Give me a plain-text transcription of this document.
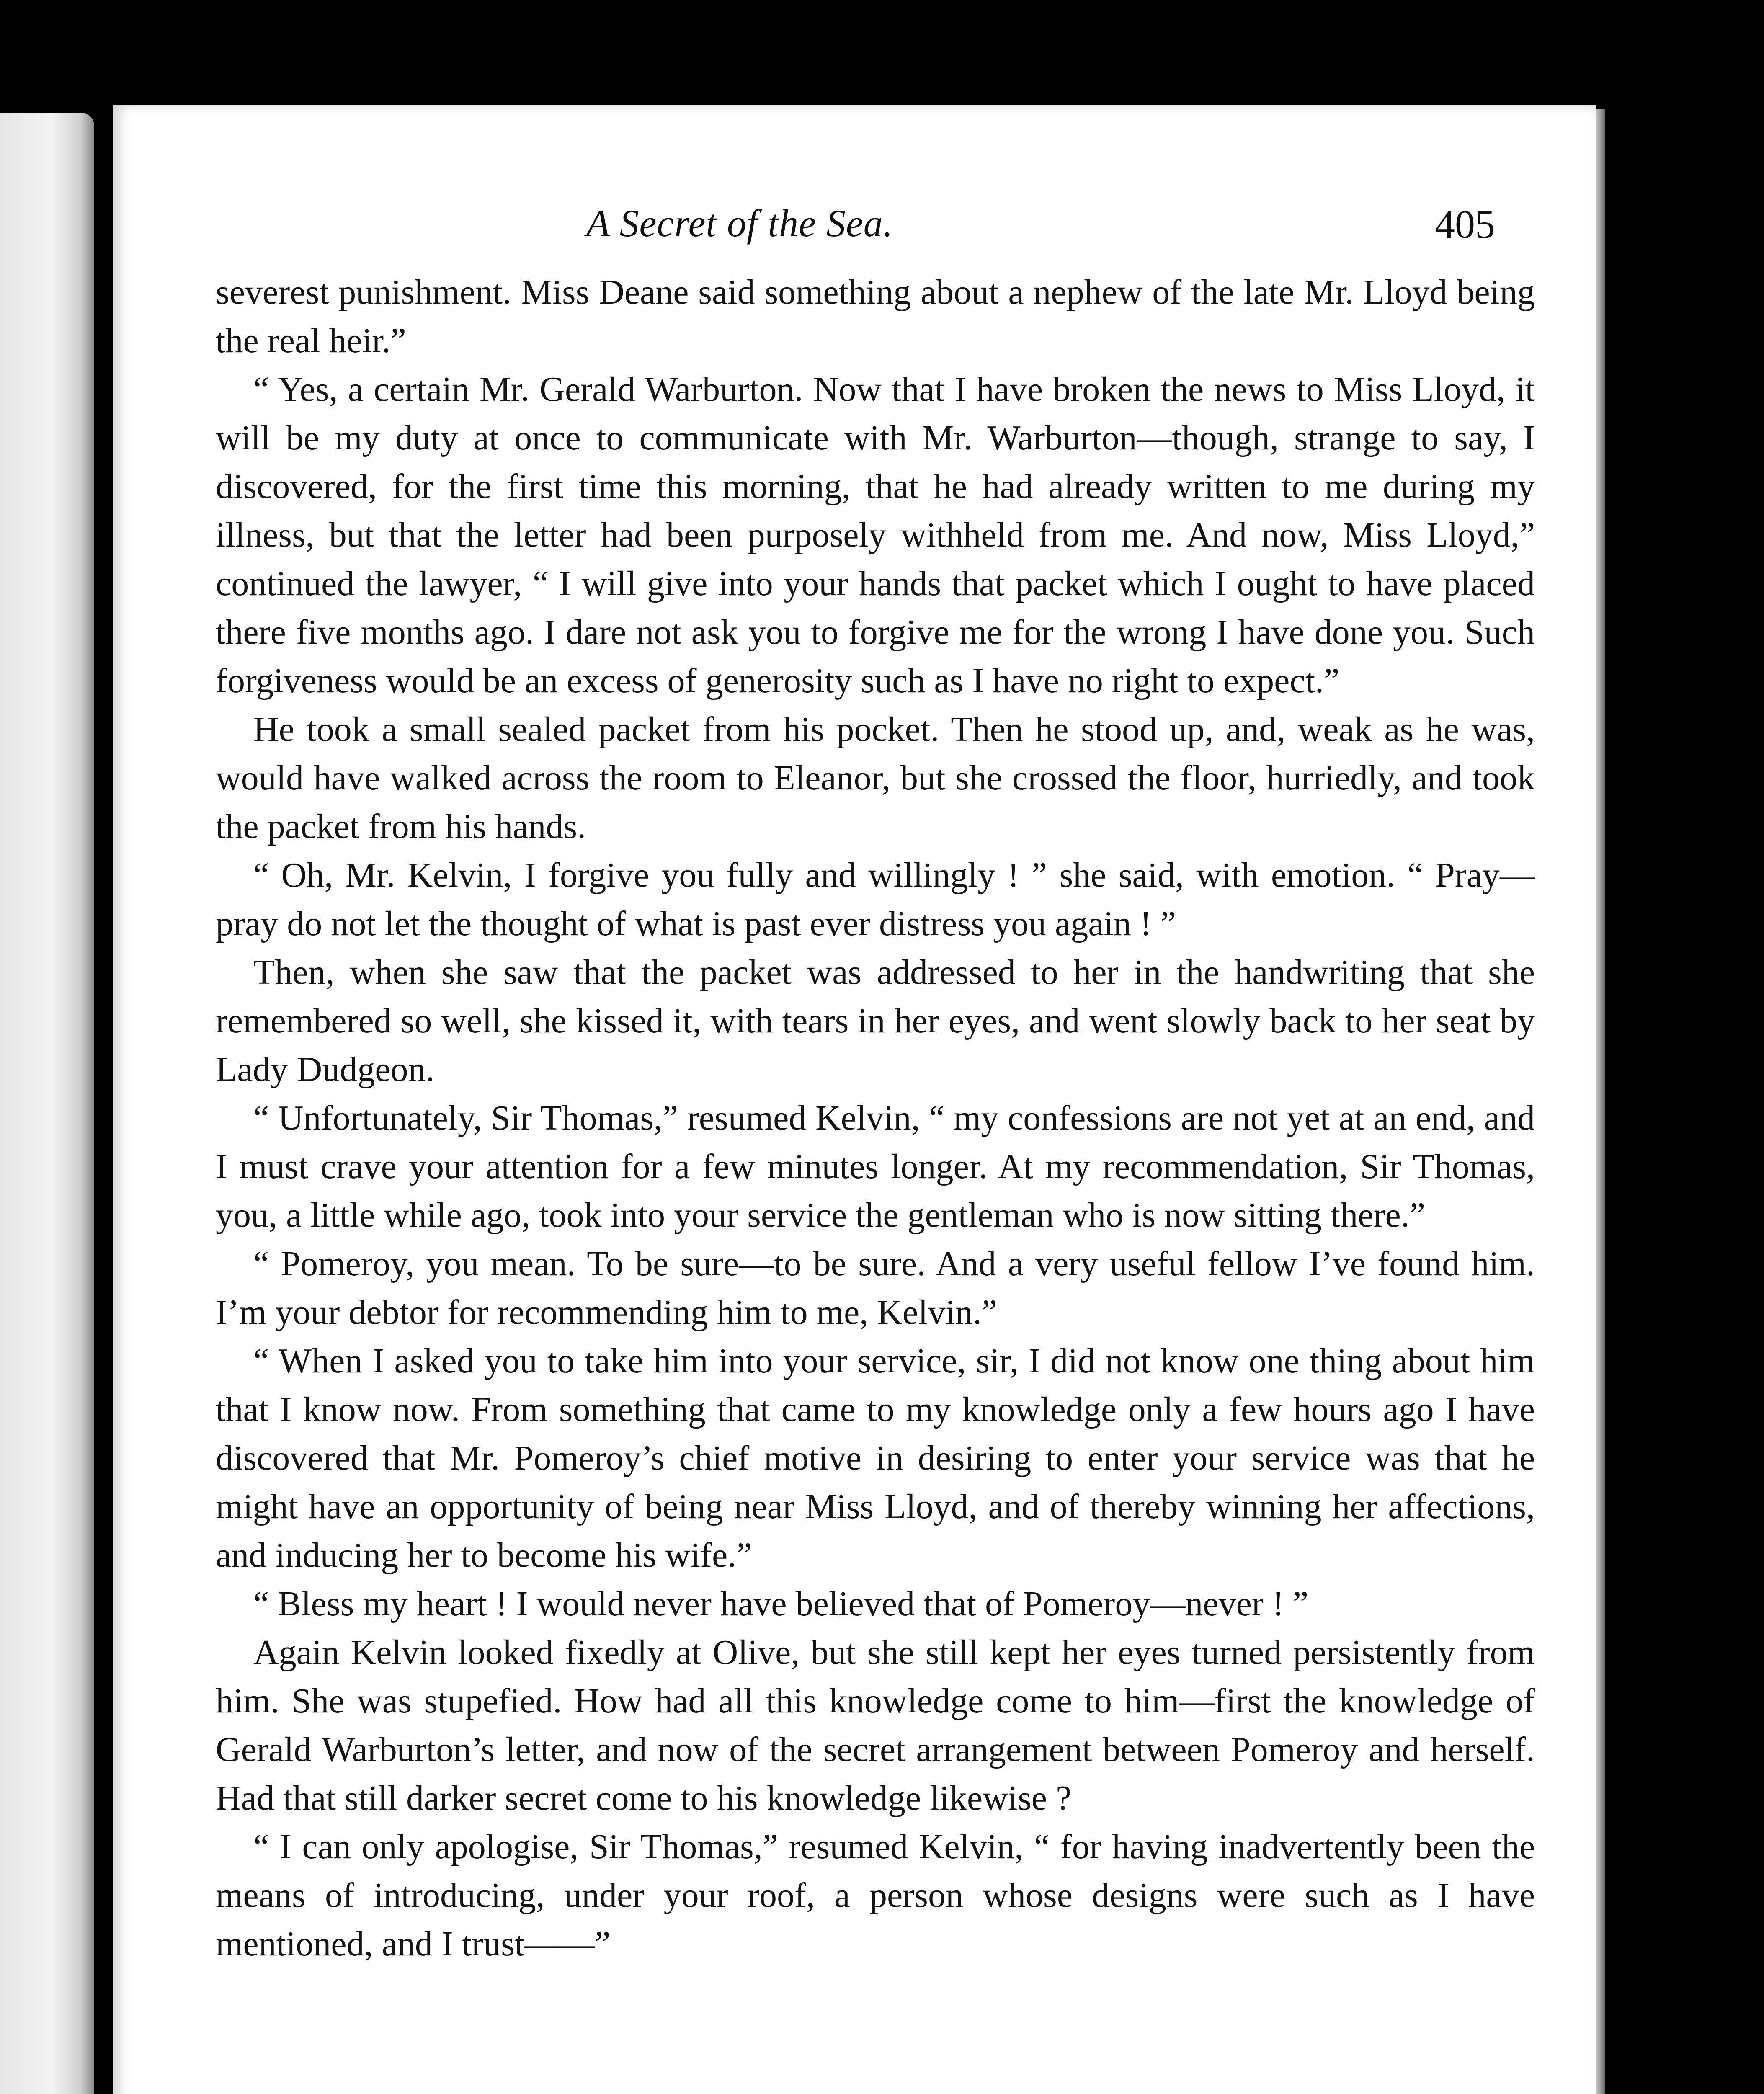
A Secret of the Sea.	405

severest punishment. Miss Deane said something about a nephew of the late Mr. Lloyd being the real heir.”

“ Yes, a certain Mr. Gerald Warburton. Now that I have broken the news to Miss Lloyd, it will be my duty at once to communicate with Mr. Warburton—though, strange to say, I discovered, for the first time this morning, that he had already written to me during my illness, but that the letter had been purposely withheld from me. And now, Miss Lloyd,” continued the lawyer, “ I will give into your hands that packet which I ought to have placed there five months ago. I dare not ask you to forgive me for the wrong I have done you. Such forgiveness would be an excess of generosity such as I have no right to expect.”

He took a small sealed packet from his pocket. Then he stood up, and, weak as he was, would have walked across the room to Eleanor, but she crossed the floor, hurriedly, and took the packet from his hands.

“ Oh, Mr. Kelvin, I forgive you fully and willingly ! ” she said, with emotion. “ Pray—pray do not let the thought of what is past ever distress you again ! ”

Then, when she saw that the packet was addressed to her in the handwriting that she remembered so well, she kissed it, with tears in her eyes, and went slowly back to her seat by Lady Dudgeon.

“ Unfortunately, Sir Thomas,” resumed Kelvin, “ my confessions are not yet at an end, and I must crave your attention for a few minutes longer. At my recommendation, Sir Thomas, you, a little while ago, took into your service the gentleman who is now sitting there.”

“ Pomeroy, you mean. To be sure—to be sure. And a very useful fellow I’ve found him. I’m your debtor for recommending him to me, Kelvin.”

“ When I asked you to take him into your service, sir, I did not know one thing about him that I know now. From something that came to my knowledge only a few hours ago I have discovered that Mr. Pomeroy’s chief motive in desiring to enter your service was that he might have an opportunity of being near Miss Lloyd, and of thereby winning her affections, and inducing her to become his wife.”

“ Bless my heart ! I would never have believed that of Pomeroy—never ! ”

Again Kelvin looked fixedly at Olive, but she still kept her eyes turned persistently from him. She was stupefied. How had all this knowledge come to him—first the knowledge of Gerald Warburton’s letter, and now of the secret arrangement between Pomeroy and herself. Had that still darker secret come to his knowledge likewise ?

“ I can only apologise, Sir Thomas,” resumed Kelvin, “ for having inadvertently been the means of introducing, under your roof, a person whose designs were such as I have mentioned, and I trust——”
